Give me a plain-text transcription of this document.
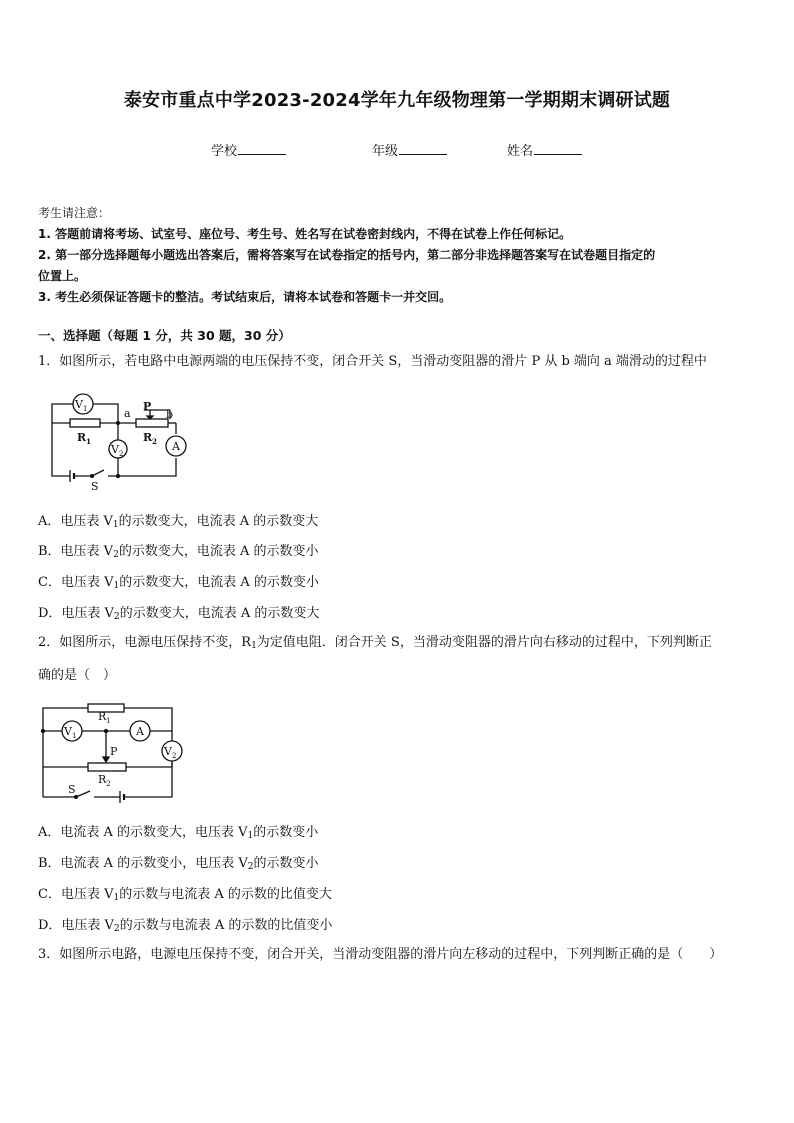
泰安市重点中学2023-2024学年九年级物理第一学期期末调研试题
学校	年级	姓名
考生请注意：
1. 答题前请将考场、试室号、座位号、考生号、姓名写在试卷密封线内，不得在试卷上作任何标记。
2. 第一部分选择题每小题选出答案后，需将答案写在试卷指定的括号内，第二部分非选择题答案写在试卷题目指定的
位置上。
3. 考生必须保证答题卡的整洁。考试结束后，请将本试卷和答题卡一并交回。
一、选择题（每题 1 分，共 30 题，30 分）
1．如图所示，若电路中电源两端的电压保持不变，闭合开关 S，当滑动变阻器的滑片 P 从 b 端向 a 端滑动的过程中
$V_1$
$V_2$
A
$R_1$	$R_2$
P
a	b
S
A．电压表 $V_1$的示数变大，电流表 A 的示数变大
B．电压表 $V_2$的示数变大，电流表 A 的示数变小
C．电压表 $V_1$的示数变大，电流表 A 的示数变小
D．电压表 $V_2$的示数变大，电流表 A 的示数变大
2．如图所示，电源电压保持不变，$R_1$为定值电阻．闭合开关 S，当滑动变阻器的滑片向右移动的过程中，下列判断正
确的是（　）
$R_1$
$R_2$
$V_1$
$V_2$
A
P
S
A．电流表 A 的示数变大，电压表 $V_1$的示数变小
B．电流表 A 的示数变小，电压表 $V_2$的示数变小
C．电压表 $V_1$的示数与电流表 A 的示数的比值变大
D．电压表 $V_2$的示数与电流表 A 的示数的比值变小
3．如图所示电路，电源电压保持不变，闭合开关，当滑动变阻器的滑片向左移动的过程中，下列判断正确的是（　　）
